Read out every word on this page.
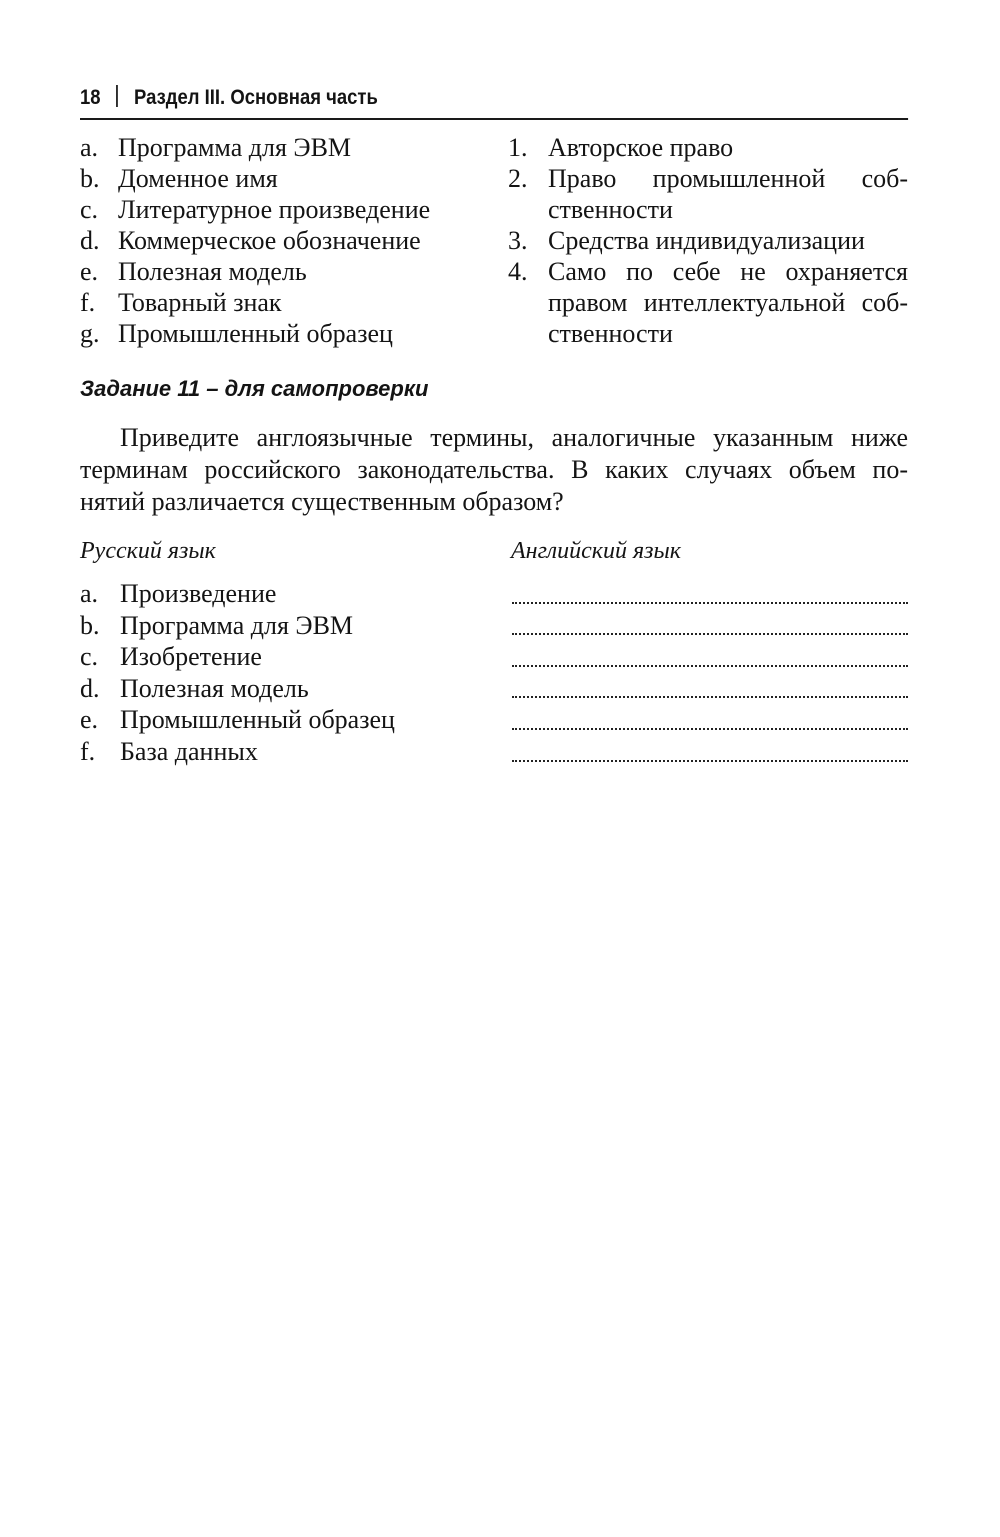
18 Раздел III. Основная часть
a. Программа для ЭВМ
b. Доменное имя
c. Литературное произведение
d. Коммерческое обозначение
e. Полезная модель
f. Товарный знак
g. Промышленный образец
1. Авторское право
2. Право промышленной соб-
ственности
3. Средства индивидуализации
4. Само по себе не охраняется
правом интеллектуальной соб-
ственности
Задание 11 – для самопроверки
Приведите англоязычные термины, аналогичные указанным ниже
терминам российского законодательства. В каких случаях объем по-
нятий различается существенным образом?
Русский язык	Английский язык
a. Произведение
b. Программа для ЭВМ
c. Изобретение
d. Полезная модель
e. Промышленный образец
f. База данных
